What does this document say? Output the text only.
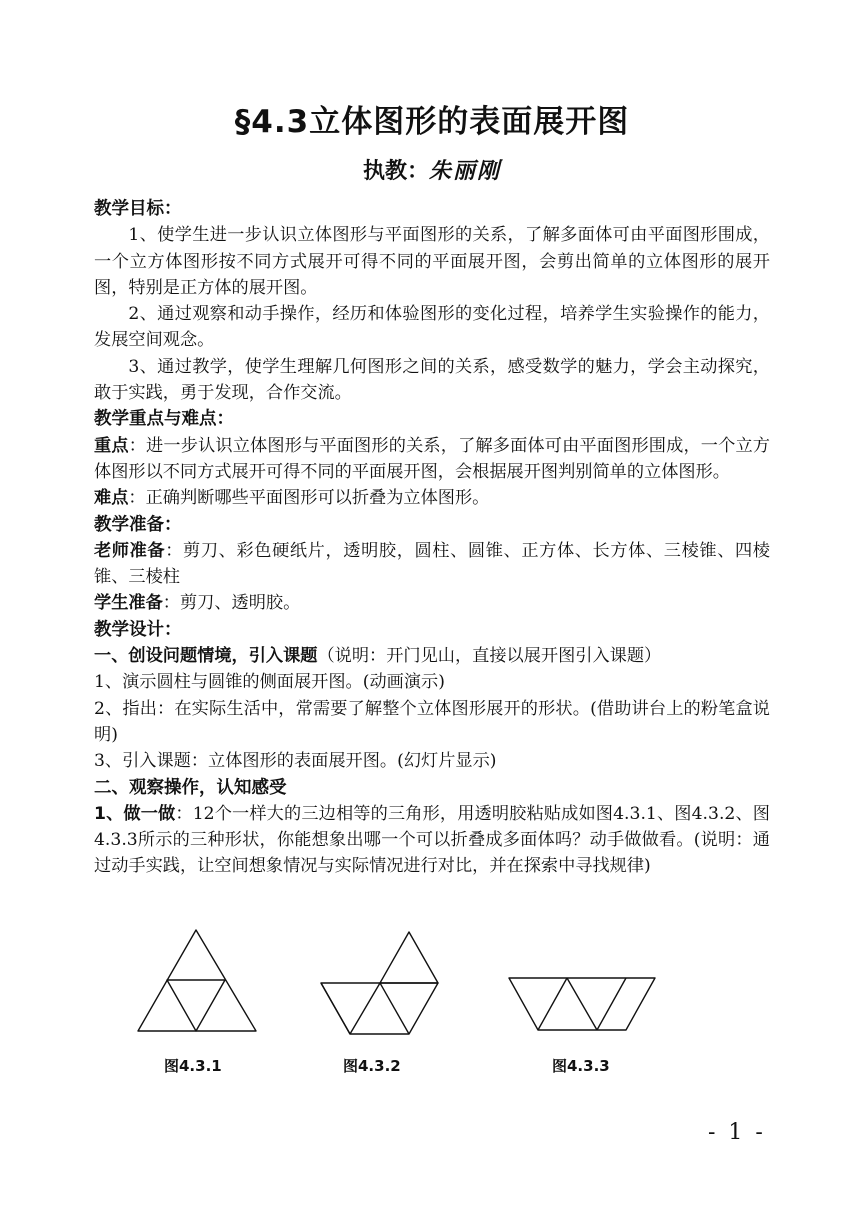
§4.3立体图形的表面展开图
执教：朱丽刚

教学目标：

1、使学生进一步认识立体图形与平面图形的关系，了解多面体可由平面图形围成，一个立方体图形按不同方式展开可得不同的平面展开图，会剪出简单的立体图形的展开图，特别是正方体的展开图。

2、通过观察和动手操作，经历和体验图形的变化过程，培养学生实验操作的能力，发展空间观念。

3、通过教学，使学生理解几何图形之间的关系，感受数学的魅力，学会主动探究，敢于实践，勇于发现，合作交流。

教学重点与难点：

重点：进一步认识立体图形与平面图形的关系，了解多面体可由平面图形围成，一个立方体图形以不同方式展开可得不同的平面展开图，会根据展开图判别简单的立体图形。

难点：正确判断哪些平面图形可以折叠为立体图形。

教学准备：

老师准备：剪刀、彩色硬纸片，透明胶，圆柱、圆锥、正方体、长方体、三棱锥、四棱锥、三棱柱

学生准备：剪刀、透明胶。

教学设计：

一、创设问题情境，引入课题（说明：开门见山，直接以展开图引入课题）

1、演示圆柱与圆锥的侧面展开图。(动画演示)

2、指出：在实际生活中，常需要了解整个立体图形展开的形状。(借助讲台上的粉笔盒说明)

3、引入课题：立体图形的表面展开图。(幻灯片显示)

二、观察操作，认知感受

1、做一做：12个一样大的三边相等的三角形，用透明胶粘贴成如图4.3.1、图4.3.2、图4.3.3所示的三种形状，你能想象出哪一个可以折叠成多面体吗？动手做做看。(说明：通过动手实践，让空间想象情况与实际情况进行对比，并在探索中寻找规律)

图4.3.1	图4.3.2	图4.3.3
- 1 -
